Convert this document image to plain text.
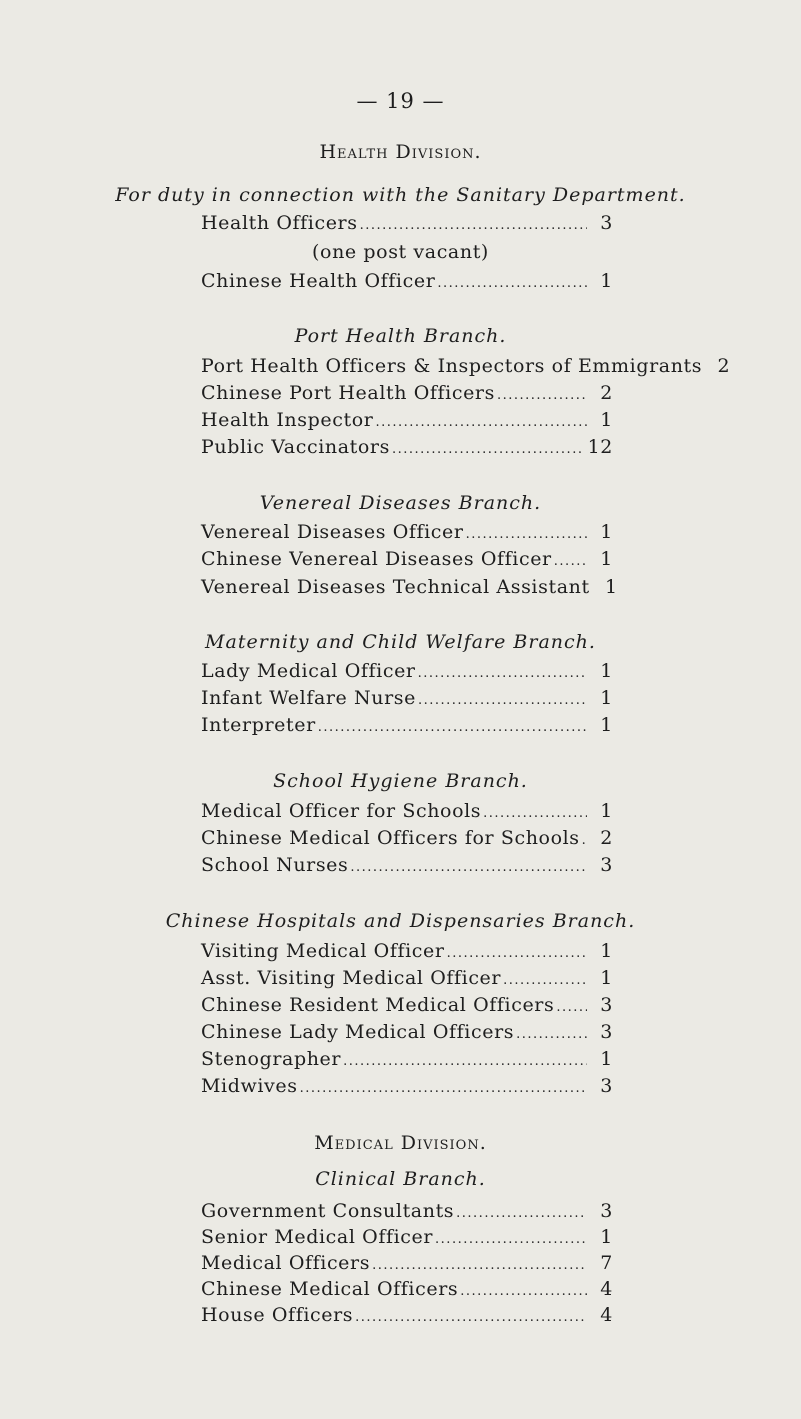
— 19 —
Health Division.
For duty in connection with the Sanitary Department.
Health Officers .....	3
(one post vacant)
Chinese Health Officer .....	1
Port Health Branch.
Port Health Officers & Inspectors of Emmigrants 2
Chinese Port Health Officers .....	2
Health Inspector .....	1
Public Vaccinators .....	12
Venereal Diseases Branch.
Venereal Diseases Officer .....	1
Chinese Venereal Diseases Officer .....	1
Venereal Diseases Technical Assistant 1
Maternity and Child Welfare Branch.
Lady Medical Officer .....	1
Infant Welfare Nurse .....	1
Interpreter .....	1
School Hygiene Branch.
Medical Officer for Schools .....	1
Chinese Medical Officers for Schools .....	2
School Nurses .....	3
Chinese Hospitals and Dispensaries Branch.
Visiting Medical Officer .....	1
Asst. Visiting Medical Officer .....	1
Chinese Resident Medical Officers .....	3
Chinese Lady Medical Officers .....	3
Stenographer .....	1
Midwives .....	3
Medical Division.
Clinical Branch.
Government Consultants .....	3
Senior Medical Officer .....	1
Medical Officers .....	7
Chinese Medical Officers .....	4
House Officers .....	4
